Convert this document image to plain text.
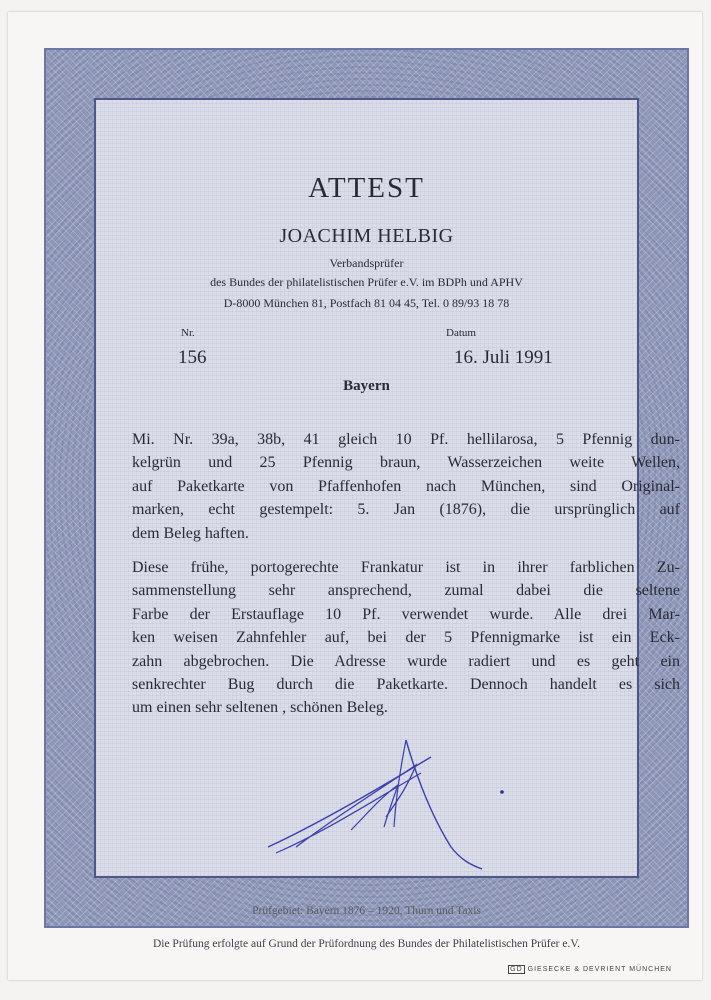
ATTEST
JOACHIM HELBIG
Verbandsprüfer
des Bundes der philatelistischen Prüfer e.V. im BDPh und APHV
D-8000 München 81, Postfach 81 04 45, Tel. 0 89/93 18 78
Nr.	Datum
156	16. Juli 1991
Bayern
Mi. Nr. 39a, 38b, 41 gleich 10 Pf. hellilarosa, 5 Pfennig dun-
kelgrün und 25 Pfennig braun, Wasserzeichen weite Wellen,
auf Paketkarte von Pfaffenhofen nach München, sind Original-
marken, echt gestempelt: 5. Jan (1876), die ursprünglich auf
dem Beleg haften.
Diese frühe, portogerechte Frankatur ist in ihrer farblichen Zu-
sammenstellung sehr ansprechend, zumal dabei die seltene
Farbe der Erstauflage 10 Pf. verwendet wurde. Alle drei Mar-
ken weisen Zahnfehler auf, bei der 5 Pfennigmarke ist ein Eck-
zahn abgebrochen. Die Adresse wurde radiert und es geht ein
senkrechter Bug durch die Paketkarte. Dennoch handelt es sich
um einen sehr seltenen , schönen Beleg.
Prüfgebiet: Bayern 1876 – 1920, Thurn und Taxis
Die Prüfung erfolgte auf Grund der Prüfordnung des Bundes der Philatelistischen Prüfer e.V.
GD GIESECKE & DEVRIENT MÜNCHEN
